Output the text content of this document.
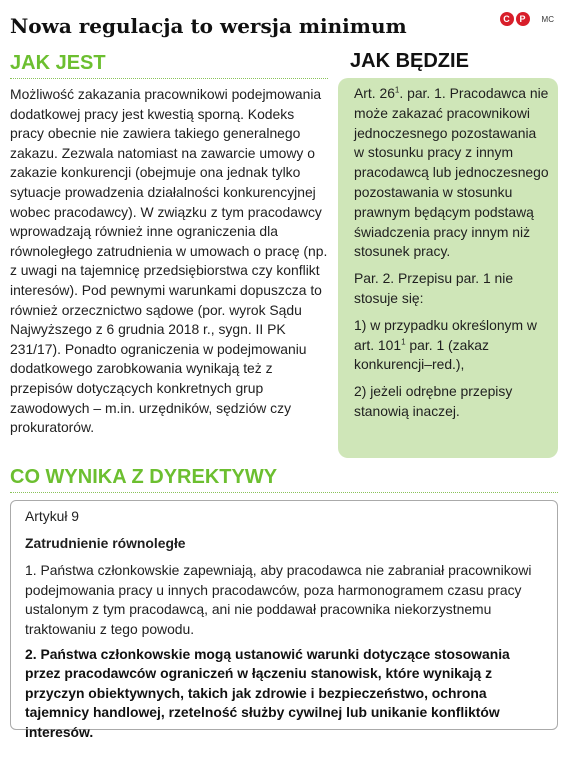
Nowa regulacja to wersja minimum	C	P	MC
JAK JEST
Możliwość zakazania pracownikowi podejmowania dodatkowej pracy jest kwestią sporną. Kodeks pracy obecnie nie zawiera takiego generalnego zakazu. Zezwala natomiast na zawarcie umowy o zakazie konkurencji (obejmuje ona jednak tylko sytuacje prowadzenia działalności konkurencyjnej wobec pracodawcy). W związku z tym pracodawcy wprowadzają również inne ograniczenia dla równoległego zatrudnienia w umowach o pracę (np. z uwagi na tajemnicę przedsiębiorstwa czy konflikt interesów). Pod pewnymi warunkami dopuszcza to również orzecznictwo sądowe (por. wyrok Sądu Najwyższego z 6 grudnia 2018 r., sygn. II PK 231/17). Ponadto ograniczenia w podejmowaniu dodatkowego zarobkowania wynikają też z przepisów dotyczących konkretnych grup zawodowych – m.in. urzędników, sędziów czy prokuratorów.
JAK BĘDZIE

Art. $26^1$. par. 1. Pracodawca nie może zakazać pracownikowi jednoczesnego pozostawania w stosunku pracy z innym pracodawcą lub jednoczesnego pozostawania w stosunku prawnym będącym podstawą świadczenia pracy innym niż stosunek pracy.

Par. 2. Przepisu par. 1 nie stosuje się:

1) w przypadku określonym w art. $101^1$ par. 1 (zakaz konkurencji–red.),

2) jeżeli odrębne przepisy stanowią inaczej.

CO WYNIKA Z DYREKTYWY
Artykuł 9
Zatrudnienie równoległe
1. Państwa członkowskie zapewniają, aby pracodawca nie zabraniał pracownikowi podejmowania pracy u innych pracodawców, poza harmonogramem czasu pracy ustalonym z tym pracodawcą, ani nie poddawał pracownika niekorzystnemu traktowaniu z tego powodu.
2. Państwa członkowskie mogą ustanowić warunki dotyczące stosowania przez pracodawców ograniczeń w łączeniu stanowisk, które wynikają z przyczyn obiektywnych, takich jak zdrowie i bezpieczeństwo, ochrona tajemnicy handlowej, rzetelność służby cywilnej lub unikanie konfliktów interesów.
